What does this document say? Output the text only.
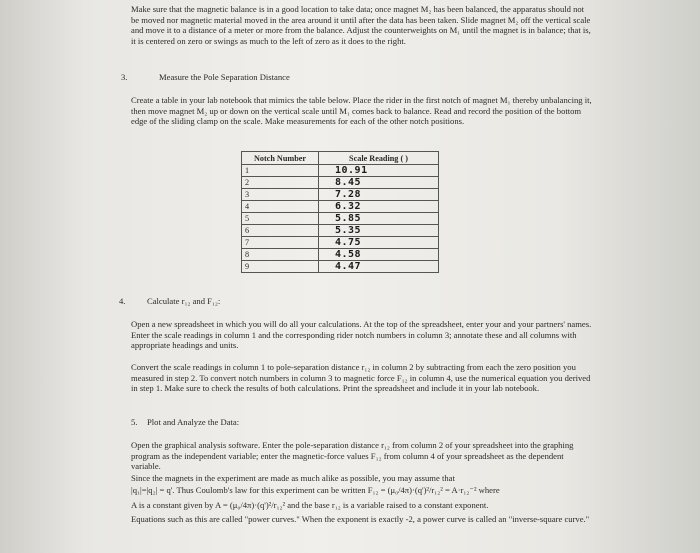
Make sure that the magnetic balance is in a good location to take data; once magnet M₂ has been balanced, the apparatus should not be moved nor magnetic material moved in the area around it until after the data has been taken. Slide magnet M₂ off the vertical scale and move it to a distance of a meter or more from the balance. Adjust the counterweights on M₁ until the magnet is in balance; that is, it is centered on zero or swings as much to the left of zero as it does to the right.

3.	Measure the Pole Separation Distance

Create a table in your lab notebook that mimics the table below. Place the rider in the first notch of magnet M₁ thereby unbalancing it, then move magnet M₂ up or down on the vertical scale until M₁ comes back to balance. Read and record the position of the bottom edge of the sliding clamp on the scale. Make measurements for each of the other notch positions.

Notch Number	Scale Reading ( )
1	10.91
2	8.45
3	7.28
4	6.32
5	5.85
6	5.35
7	4.75
8	4.58
9	4.47
4.	Calculate r₁₂ and F₁₂:

Open a new spreadsheet in which you will do all your calculations. At the top of the spreadsheet, enter your and your partners' names. Enter the scale readings in column 1 and the corresponding rider notch numbers in column 3; annotate these and all columns with appropriate headings and units.

Convert the scale readings in column 1 to pole-separation distance r₁₂ in column 2 by subtracting from each the zero position you measured in step 2. To convert notch numbers in column 3 to magnetic force F₁₂ in column 4, use the numerical equation you derived in step 1. Make sure to check the results of both calculations. Print the spreadsheet and include it in your lab notebook.

5. Plot and Analyze the Data:

Open the graphical analysis software. Enter the pole-separation distance r₁₂ from column 2 of your spreadsheet into the graphing program as the independent variable; enter the magnetic-force values F₁₂ from column 4 of your spreadsheet as the dependent variable.

Since the magnets in the experiment are made as much alike as possible, you may assume that

|q₁|=|q₂| = q'. Thus Coulomb's law for this experiment can be written F₁₂ = (μ₀/4π)·(q')²/r₁₂² = A·r₁₂⁻² where

A is a constant given by A = (μ₀/4π)·(q')²/r₁₂² and the base r₁₂ is a variable raised to a constant exponent.

Equations such as this are called "power curves." When the exponent is exactly -2, a power curve is called an "inverse-square curve."
